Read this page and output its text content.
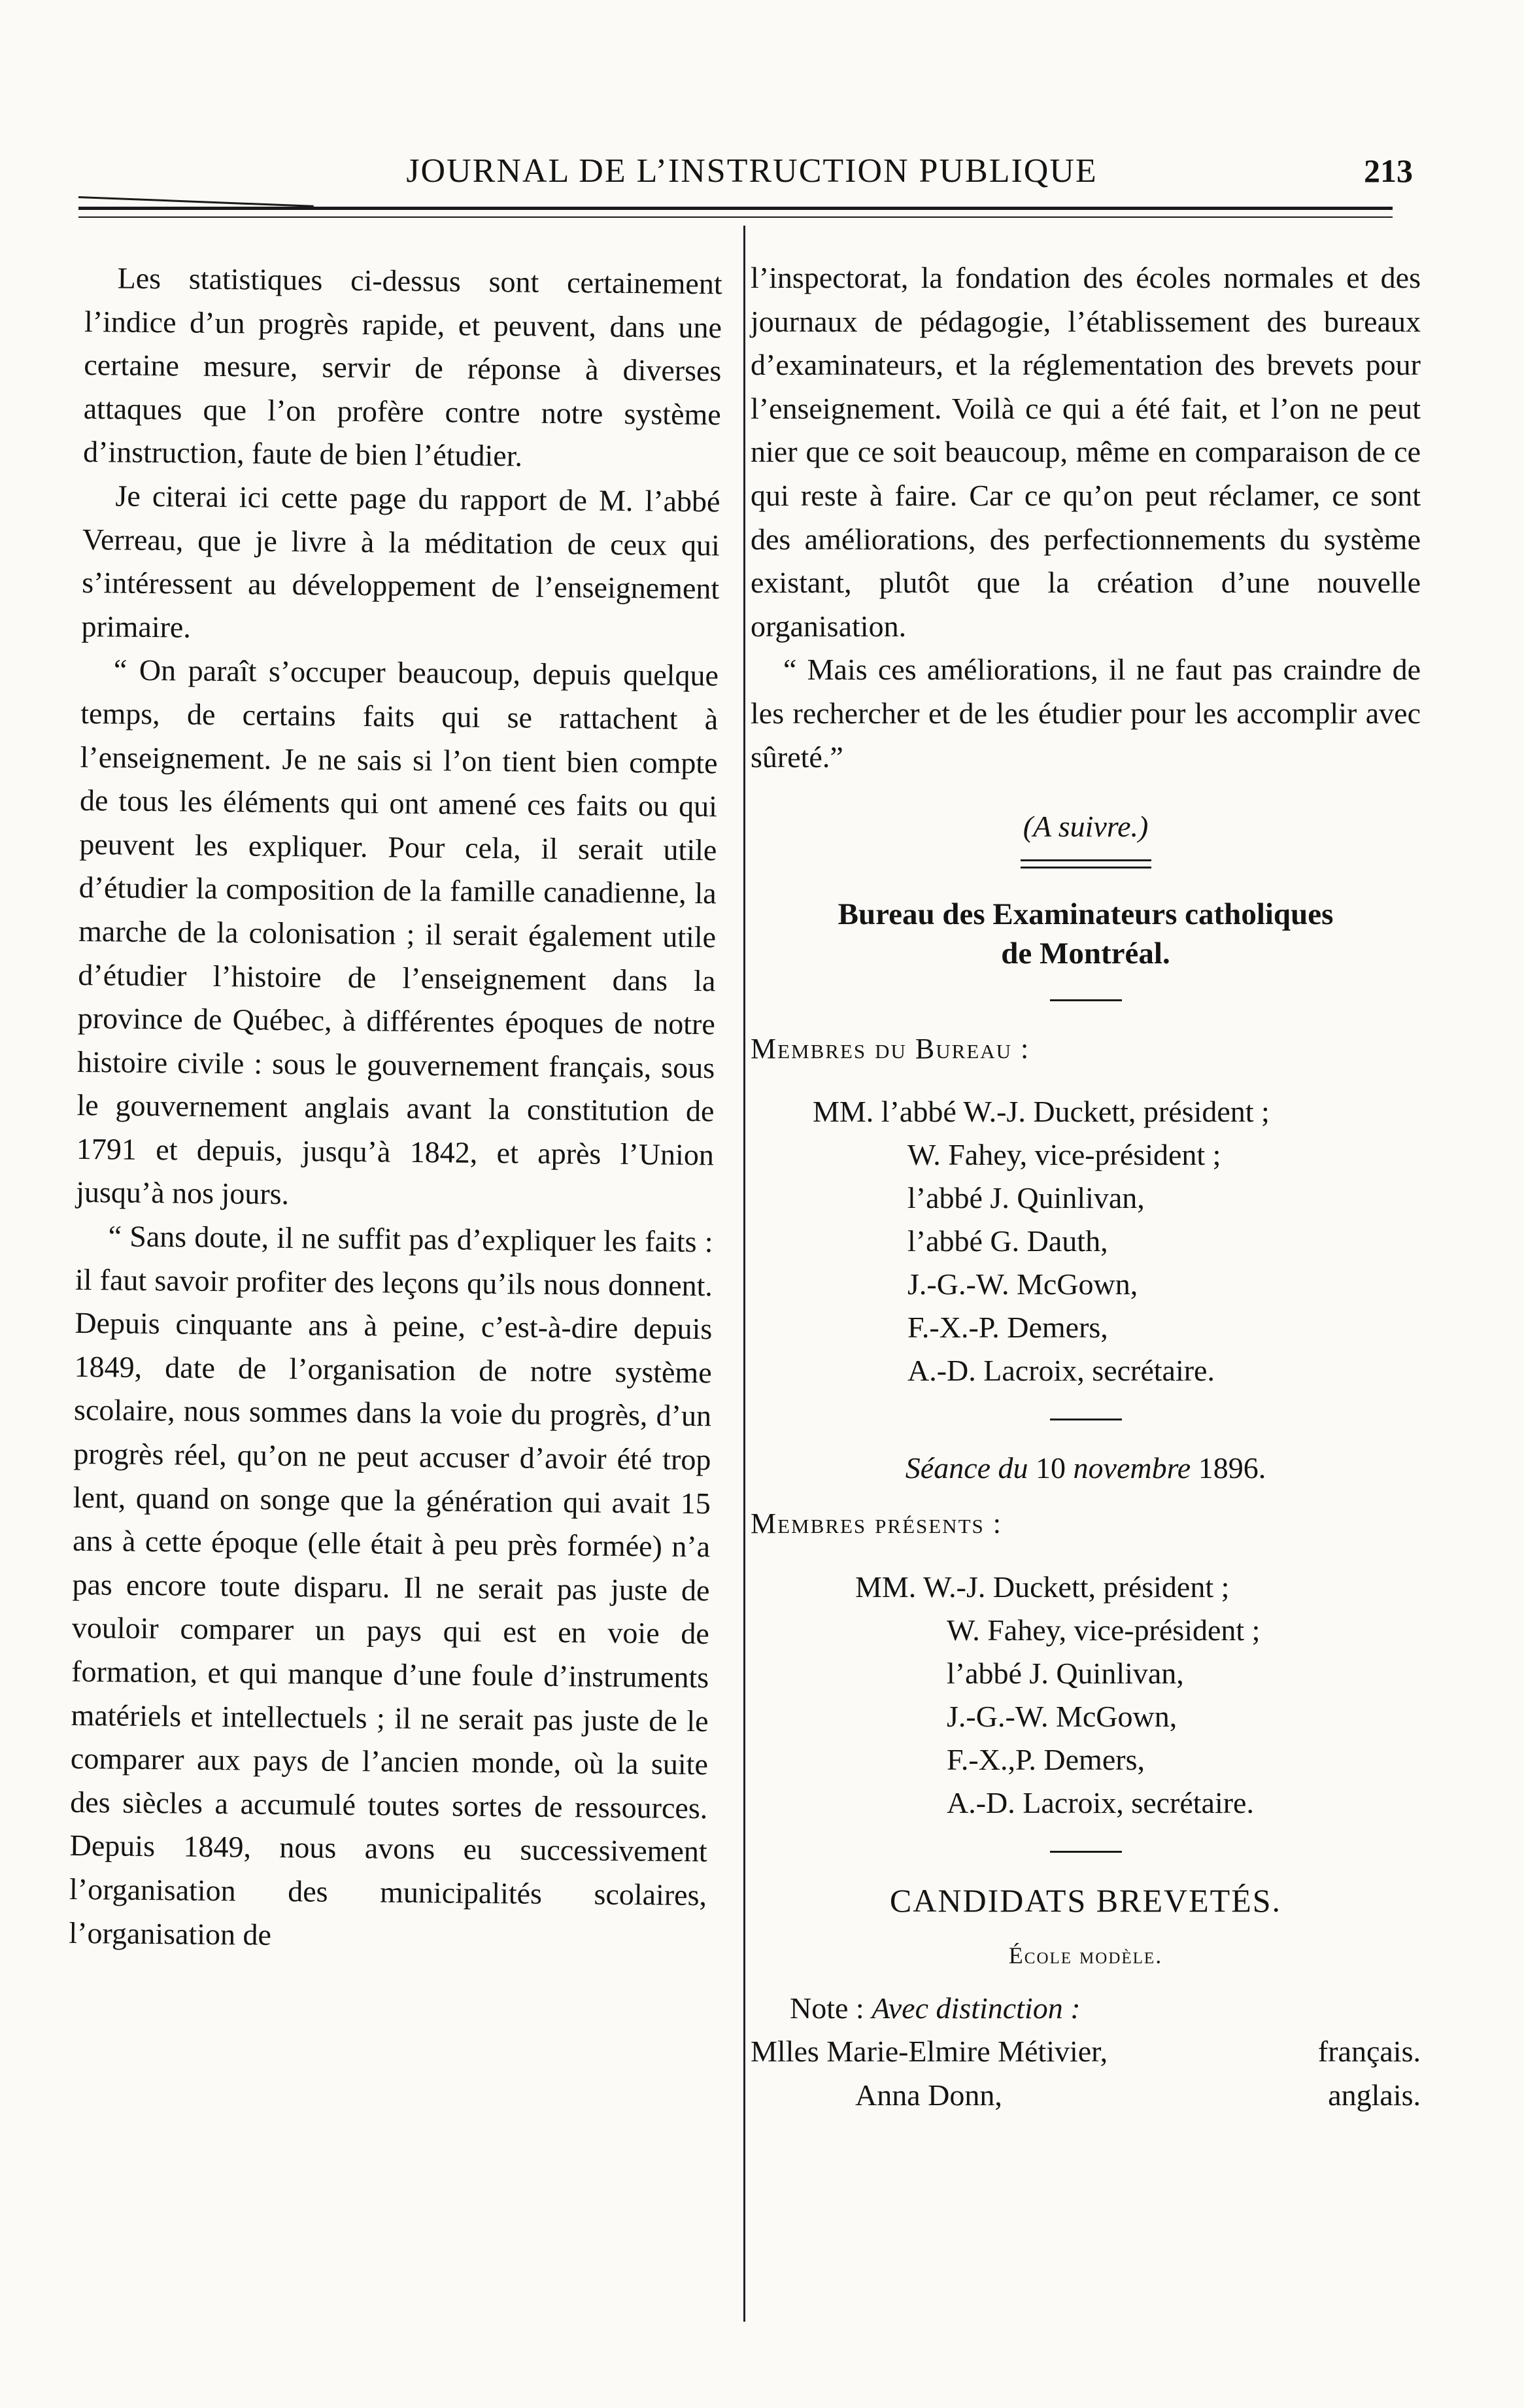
JOURNAL DE L’INSTRUCTION PUBLIQUE	213

Les statistiques ci-dessus sont certainement l’indice d’un progrès rapide, et peuvent, dans une certaine mesure, servir de réponse à diverses attaques que l’on profère contre notre système d’instruction, faute de bien l’étudier.

Je citerai ici cette page du rapport de M. l’abbé Verreau, que je livre à la méditation de ceux qui s’intéressent au développement de l’enseignement primaire.

“ On paraît s’occuper beaucoup, depuis quelque temps, de certains faits qui se rattachent à l’enseignement. Je ne sais si l’on tient bien compte de tous les éléments qui ont amené ces faits ou qui peuvent les expliquer. Pour cela, il serait utile d’étudier la composition de la famille canadienne, la marche de la colonisation ; il serait également utile d’étudier l’histoire de l’enseignement dans la province de Québec, à différentes époques de notre histoire civile : sous le gouvernement français, sous le gouvernement anglais avant la constitution de 1791 et depuis, jusqu’à 1842, et après l’Union jusqu’à nos jours.

“ Sans doute, il ne suffit pas d’expliquer les faits : il faut savoir profiter des leçons qu’ils nous donnent. Depuis cinquante ans à peine, c’est-à-dire depuis 1849, date de l’organisation de notre système scolaire, nous sommes dans la voie du progrès, d’un progrès réel, qu’on ne peut accuser d’avoir été trop lent, quand on songe que la génération qui avait 15 ans à cette époque (elle était à peu près formée) n’a pas encore toute disparu. Il ne serait pas juste de vouloir comparer un pays qui est en voie de formation, et qui manque d’une foule d’instruments matériels et intellectuels ; il ne serait pas juste de le comparer aux pays de l’ancien monde, où la suite des siècles a accumulé toutes sortes de ressources. Depuis 1849, nous avons eu successivement l’organisation des municipalités scolaires, l’organisation de

l’inspectorat, la fondation des écoles normales et des journaux de pédagogie, l’établissement des bureaux d’examinateurs, et la réglementation des brevets pour l’enseignement. Voilà ce qui a été fait, et l’on ne peut nier que ce soit beaucoup, même en comparaison de ce qui reste à faire. Car ce qu’on peut réclamer, ce sont des améliorations, des perfectionnements du système existant, plutôt que la création d’une nouvelle organisation.

“ Mais ces améliorations, il ne faut pas craindre de les rechercher et de les étudier pour les accomplir avec sûreté.”

(A suivre.)
Bureau des Examinateurs catholiques
de Montréal.
Membres du Bureau :
MM. l’abbé W.-J. Duckett, président ;
W. Fahey, vice-président ;
l’abbé J. Quinlivan,
l’abbé G. Dauth,
J.-G.-W. McGown,
F.-X.-P. Demers,
A.-D. Lacroix, secrétaire.
Séance du 10 novembre 1896.
Membres présents :
MM. W.-J. Duckett, président ;
W. Fahey, vice-président ;
l’abbé J. Quinlivan,
J.-G.-W. McGown,
F.-X.,P. Demers,
A.-D. Lacroix, secrétaire.
CANDIDATS BREVETÉS.
École modèle.
Note : Avec distinction :
Mlles Marie-Elmire Métivier,	français.
Anna Donn,	anglais.
